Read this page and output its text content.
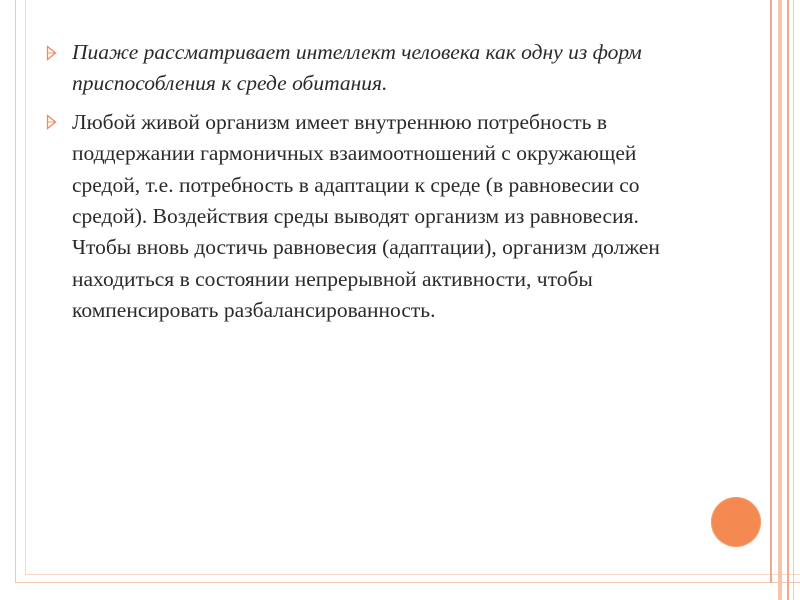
Пиаже рассматривает интеллект человека как одну из форм приспособления к среде обитания.
Любой живой организм имеет внутреннюю потребность в поддержании гармоничных взаимоотношений с окружающей средой, т.е. потребность в адаптации к среде (в равновесии со средой). Воздействия среды выводят организм из равновесия. Чтобы вновь достичь равновесия (адаптации), организм должен находиться в состоянии непрерывной активности, чтобы компенсировать разбалансированность.
